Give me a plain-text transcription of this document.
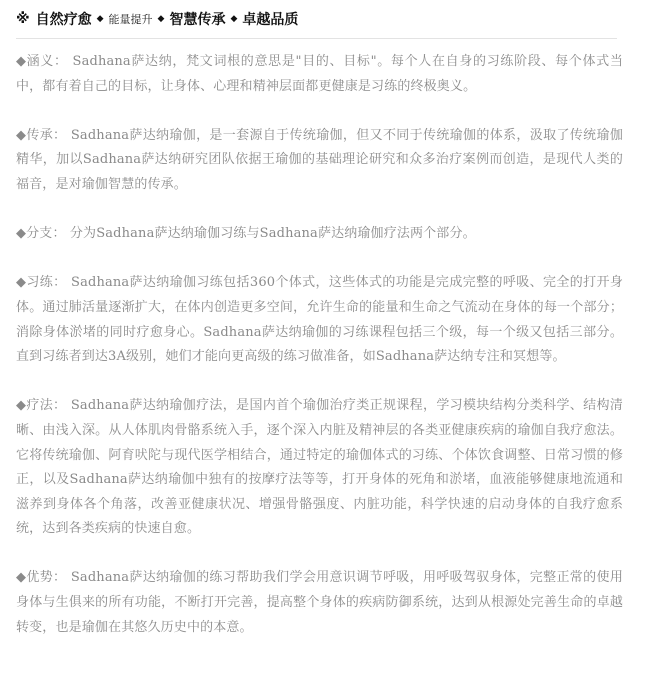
※ 自然疗愈 ◆ 能量提升 ◆ 智慧传承 ◆ 卓越品质

◆涵义： Sadhana萨达纳，梵文词根的意思是"目的、目标"。每个人在自身的习练阶段、每个体式当中，都有着自己的目标，让身体、心理和精神层面都更健康是习练的终极奥义。

◆传承： Sadhana萨达纳瑜伽，是一套源自于传统瑜伽，但又不同于传统瑜伽的体系，汲取了传统瑜伽精华，加以Sadhana萨达纳研究团队依据王瑜伽的基础理论研究和众多治疗案例而创造，是现代人类的福音，是对瑜伽智慧的传承。

◆分支： 分为Sadhana萨达纳瑜伽习练与Sadhana萨达纳瑜伽疗法两个部分。

◆习练： Sadhana萨达纳瑜伽习练包括360个体式，这些体式的功能是完成完整的呼吸、完全的打开身体。通过肺活量逐渐扩大，在体内创造更多空间，允许生命的能量和生命之气流动在身体的每一个部分；消除身体淤堵的同时疗愈身心。Sadhana萨达纳瑜伽的习练课程包括三个级，每一个级又包括三部分。直到习练者到达3A级别，她们才能向更高级的练习做准备，如Sadhana萨达纳专注和冥想等。

◆疗法： Sadhana萨达纳瑜伽疗法，是国内首个瑜伽治疗类正规课程，学习模块结构分类科学、结构清晰、由浅入深。从人体肌肉骨骼系统入手，逐个深入内脏及精神层的各类亚健康疾病的瑜伽自我疗愈法。它将传统瑜伽、阿育吠陀与现代医学相结合，通过特定的瑜伽体式的习练、个体饮食调整、日常习惯的修正，以及Sadhana萨达纳瑜伽中独有的按摩疗法等等，打开身体的死角和淤堵，血液能够健康地流通和滋养到身体各个角落，改善亚健康状况、增强骨骼强度、内脏功能，科学快速的启动身体的自我疗愈系统，达到各类疾病的快速自愈。

◆优势： Sadhana萨达纳瑜伽的练习帮助我们学会用意识调节呼吸，用呼吸驾驭身体，完整正常的使用身体与生俱来的所有功能，不断打开完善，提高整个身体的疾病防御系统，达到从根源处完善生命的卓越转变，也是瑜伽在其悠久历史中的本意。
